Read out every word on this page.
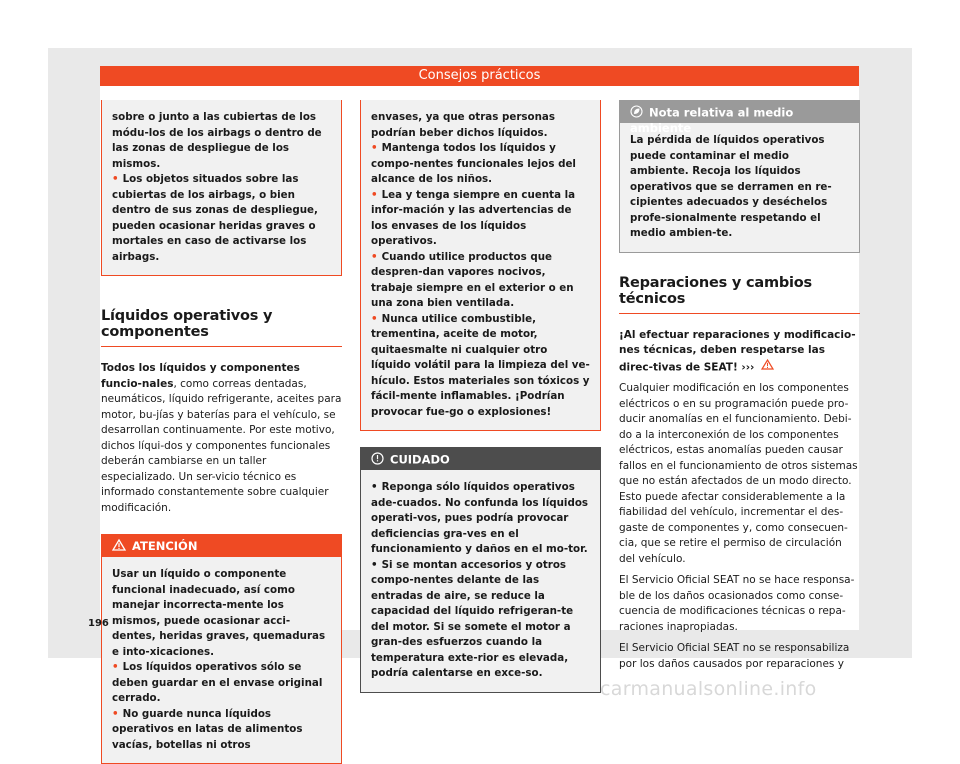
Consejos prácticos

sobre o junto a las cubiertas de los módu-los de los airbags o dentro de las zonas de despliegue de los mismos.

• Los objetos situados sobre las cubiertas de los airbags, o bien dentro de sus zonas de despliegue, pueden ocasionar heridas graves o mortales en caso de activarse los airbags.

Líquidos operativos y componentes

Todos los líquidos y componentes funcio-nales, como correas dentadas, neumáticos, líquido refrigerante, aceites para motor, bu-jías y baterías para el vehículo, se desarrollan continuamente. Por este motivo, dichos líqui-dos y componentes funcionales deberán cambiarse en un taller especializado. Un ser-vicio técnico es informado constantemente sobre cualquier modificación.

ATENCIÓN

Usar un líquido o componente funcional inadecuado, así como manejar incorrecta-mente los mismos, puede ocasionar acci-dentes, heridas graves, quemaduras e into-xicaciones.

• Los líquidos operativos sólo se deben guardar en el envase original cerrado.

• No guarde nunca líquidos operativos en latas de alimentos vacías, botellas ni otros

envases, ya que otras personas podrían beber dichos líquidos.

• Mantenga todos los líquidos y compo-nentes funcionales lejos del alcance de los niños.

• Lea y tenga siempre en cuenta la infor-mación y las advertencias de los envases de los líquidos operativos.

• Cuando utilice productos que despren-dan vapores nocivos, trabaje siempre en el exterior o en una zona bien ventilada.

• Nunca utilice combustible, trementina, aceite de motor, quitaesmalte ni cualquier otro líquido volátil para la limpieza del ve-hículo. Estos materiales son tóxicos y fácil-mente inflamables. ¡Podrían provocar fue-go o explosiones!

CUIDADO

• Reponga sólo líquidos operativos ade-cuados. No confunda los líquidos operati-vos, pues podría provocar deficiencias gra-ves en el funcionamiento y daños en el mo-tor.

• Si se montan accesorios y otros compo-nentes delante de las entradas de aire, se reduce la capacidad del líquido refrigeran-te del motor. Si se somete el motor a gran-des esfuerzos cuando la temperatura exte-rior es elevada, podría calentarse en exce-so.

Nota relativa al medio ambiente

La pérdida de líquidos operativos puede contaminar el medio ambiente. Recoja los líquidos operativos que se derramen en re-cipientes adecuados y deséchelos profe-sionalmente respetando el medio ambien-te.

Reparaciones y cambios técnicos

¡Al efectuar reparaciones y modificacio-nes técnicas, deben respetarse las direc-tivas de SEAT! ›››

Cualquier modificación en los componentes eléctricos o en su programación puede pro-ducir anomalías en el funcionamiento. Debi-do a la interconexión de los componentes eléctricos, estas anomalías pueden causar fallos en el funcionamiento de otros sistemas que no están afectados de un modo directo. Esto puede afectar considerablemente a la fiabilidad del vehículo, incrementar el des-gaste de componentes y, como consecuen-cia, que se retire el permiso de circulación del vehículo.

El Servicio Oficial SEAT no se hace responsa-ble de los daños ocasionados como conse-cuencia de modificaciones técnicas o repa-raciones inapropiadas.

El Servicio Oficial SEAT no se responsabiliza por los daños causados por reparaciones y

196
carmanualsonline.info
